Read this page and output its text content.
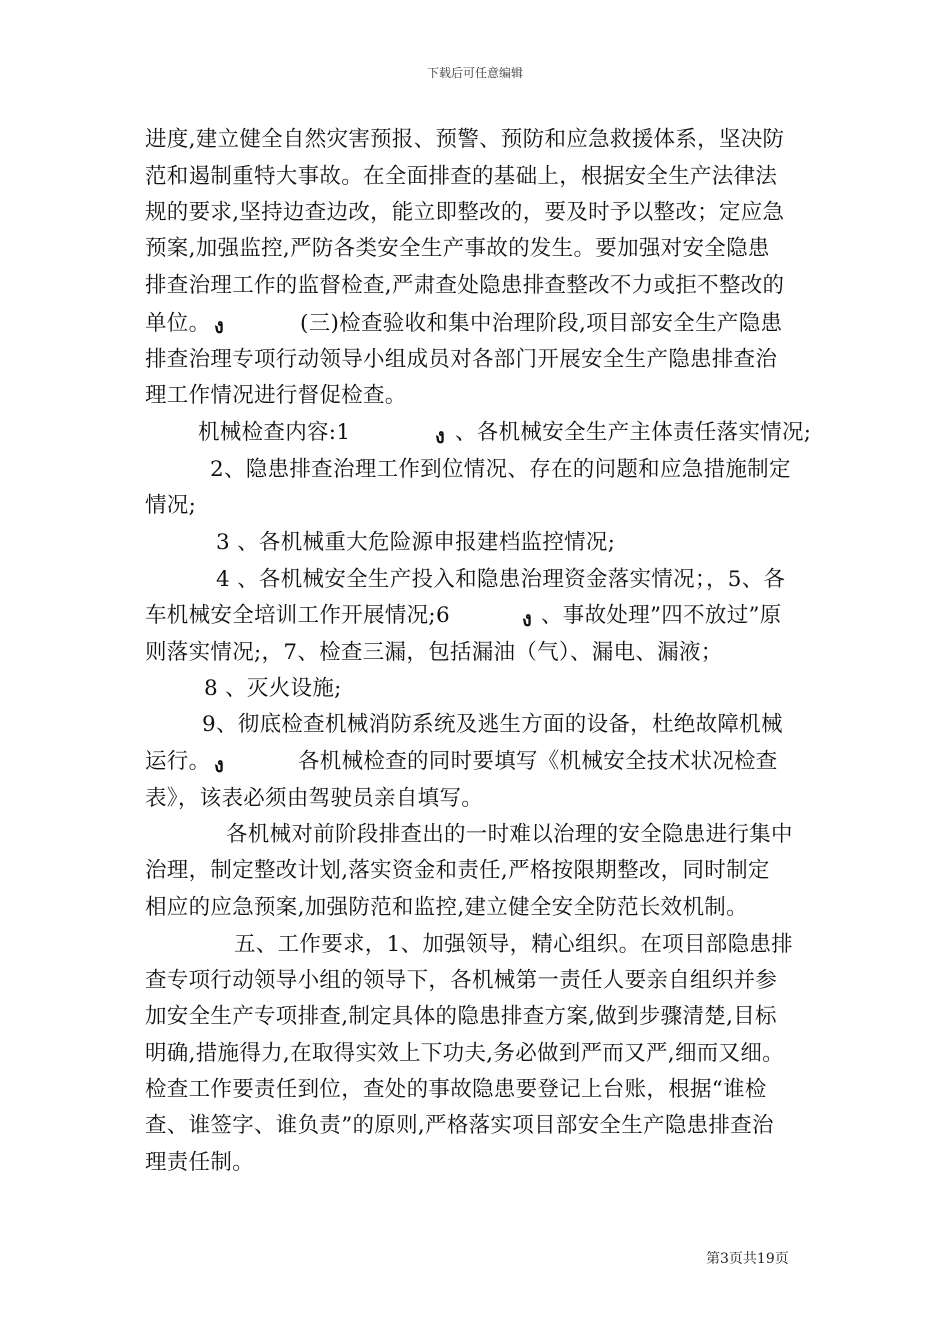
下载后可任意编辑
进度,建立健全自然灾害预报、预警、预防和应急救援体系，坚决防
范和遏制重特大事故。在全面排查的基础上，根据安全生产法律法
规的要求,坚持边查边改，能立即整改的，要及时予以整改；定应急
预案,加强监控,严防各类安全生产事故的发生。要加强对安全隐患
排查治理工作的监督检查,严肃查处隐患排查整改不力或拒不整改的
单位。 ง	(三)检查验收和集中治理阶段,项目部安全生产隐患
排查治理专项行动领导小组成员对各部门开展安全生产隐患排查治
理工作情况进行督促检查。
机械检查内容:1	ง 、各机械安全生产主体责任落实情况;
2、隐患排查治理工作到位情况、存在的问题和应急措施制定
情况;
3 、各机械重大危险源申报建档监控情况;
4 、各机械安全生产投入和隐患治理资金落实情况；，5、各
车机械安全培训工作开展情况;6	ง 、事故处理”四不放过”原
则落实情况;，7、检查三漏，包括漏油（气）、漏电、漏液；
8 、灭火设施;
9、彻底检查机械消防系统及逃生方面的设备，杜绝故障机械
运行。 ง	各机械检查的同时要填写《机械安全技术状况检查
表》，该表必须由驾驶员亲自填写。
各机械对前阶段排查出的一时难以治理的安全隐患进行集中
治理，制定整改计划,落实资金和责任,严格按限期整改，同时制定
相应的应急预案,加强防范和监控,建立健全安全防范长效机制。
五、工作要求，1、加强领导，精心组织。在项目部隐患排
查专项行动领导小组的领导下，各机械第一责任人要亲自组织并参
加安全生产专项排查,制定具体的隐患排查方案,做到步骤清楚,目标
明确,措施得力,在取得实效上下功夫,务必做到严而又严,细而又细。
检查工作要责任到位，查处的事故隐患要登记上台账，根据“谁检
查、谁签字、谁负责”的原则,严格落实项目部安全生产隐患排查治
理责任制。
第3页共19页
